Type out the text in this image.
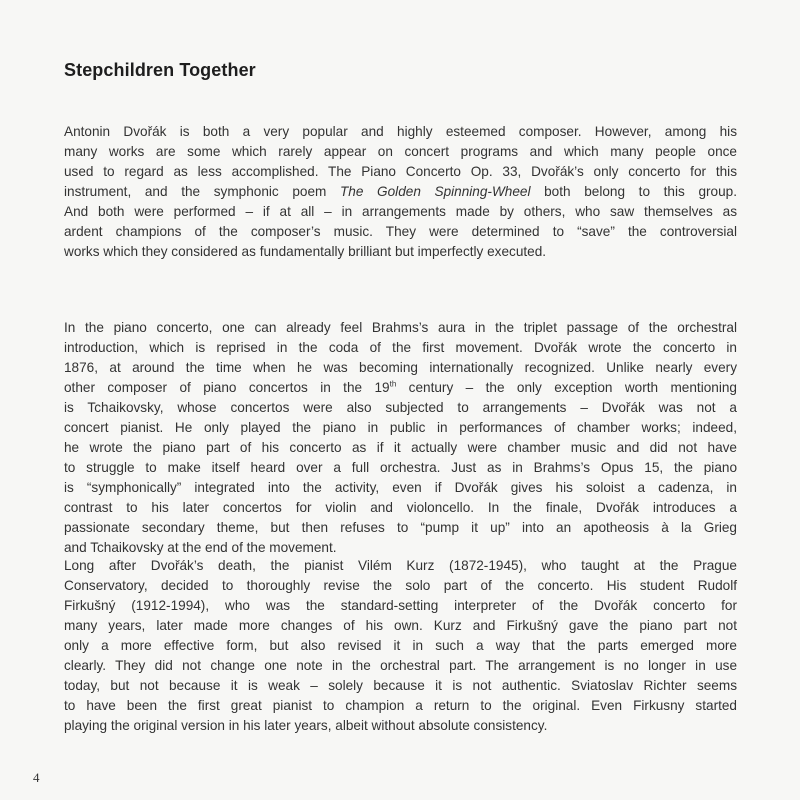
Stepchildren Together
Antonin Dvořák is both a very popular and highly esteemed composer. However, among his
many works are some which rarely appear on concert programs and which many people once
used to regard as less accomplished. The Piano Concerto Op. 33, Dvořák’s only concerto for this
instrument, and the symphonic poem The Golden Spinning-Wheel both belong to this group.
And both were performed – if at all – in arrangements made by others, who saw themselves as
ardent champions of the composer’s music. They were determined to “save” the controversial
works which they considered as fundamentally brilliant but imperfectly executed.
In the piano concerto, one can already feel Brahms’s aura in the triplet passage of the orchestral
introduction, which is reprised in the coda of the first movement. Dvořák wrote the concerto in
1876, at around the time when he was becoming internationally recognized. Unlike nearly every
other composer of piano concertos in the 19th century – the only exception worth mentioning
is Tchaikovsky, whose concertos were also subjected to arrangements – Dvořák was not a
concert pianist. He only played the piano in public in performances of chamber works; indeed,
he wrote the piano part of his concerto as if it actually were chamber music and did not have
to struggle to make itself heard over a full orchestra. Just as in Brahms’s Opus 15, the piano
is “symphonically” integrated into the activity, even if Dvořák gives his soloist a cadenza, in
contrast to his later concertos for violin and violoncello. In the finale, Dvořák introduces a
passionate secondary theme, but then refuses to “pump it up” into an apotheosis à la Grieg
and Tchaikovsky at the end of the movement.
Long after Dvořák’s death, the pianist Vilém Kurz (1872-1945), who taught at the Prague
Conservatory, decided to thoroughly revise the solo part of the concerto. His student Rudolf
Firkušný (1912-1994), who was the standard-setting interpreter of the Dvořák concerto for
many years, later made more changes of his own. Kurz and Firkušný gave the piano part not
only a more effective form, but also revised it in such a way that the parts emerged more
clearly. They did not change one note in the orchestral part. The arrangement is no longer in use
today, but not because it is weak – solely because it is not authentic. Sviatoslav Richter seems
to have been the first great pianist to champion a return to the original. Even Firkusny started
playing the original version in his later years, albeit without absolute consistency.
4
